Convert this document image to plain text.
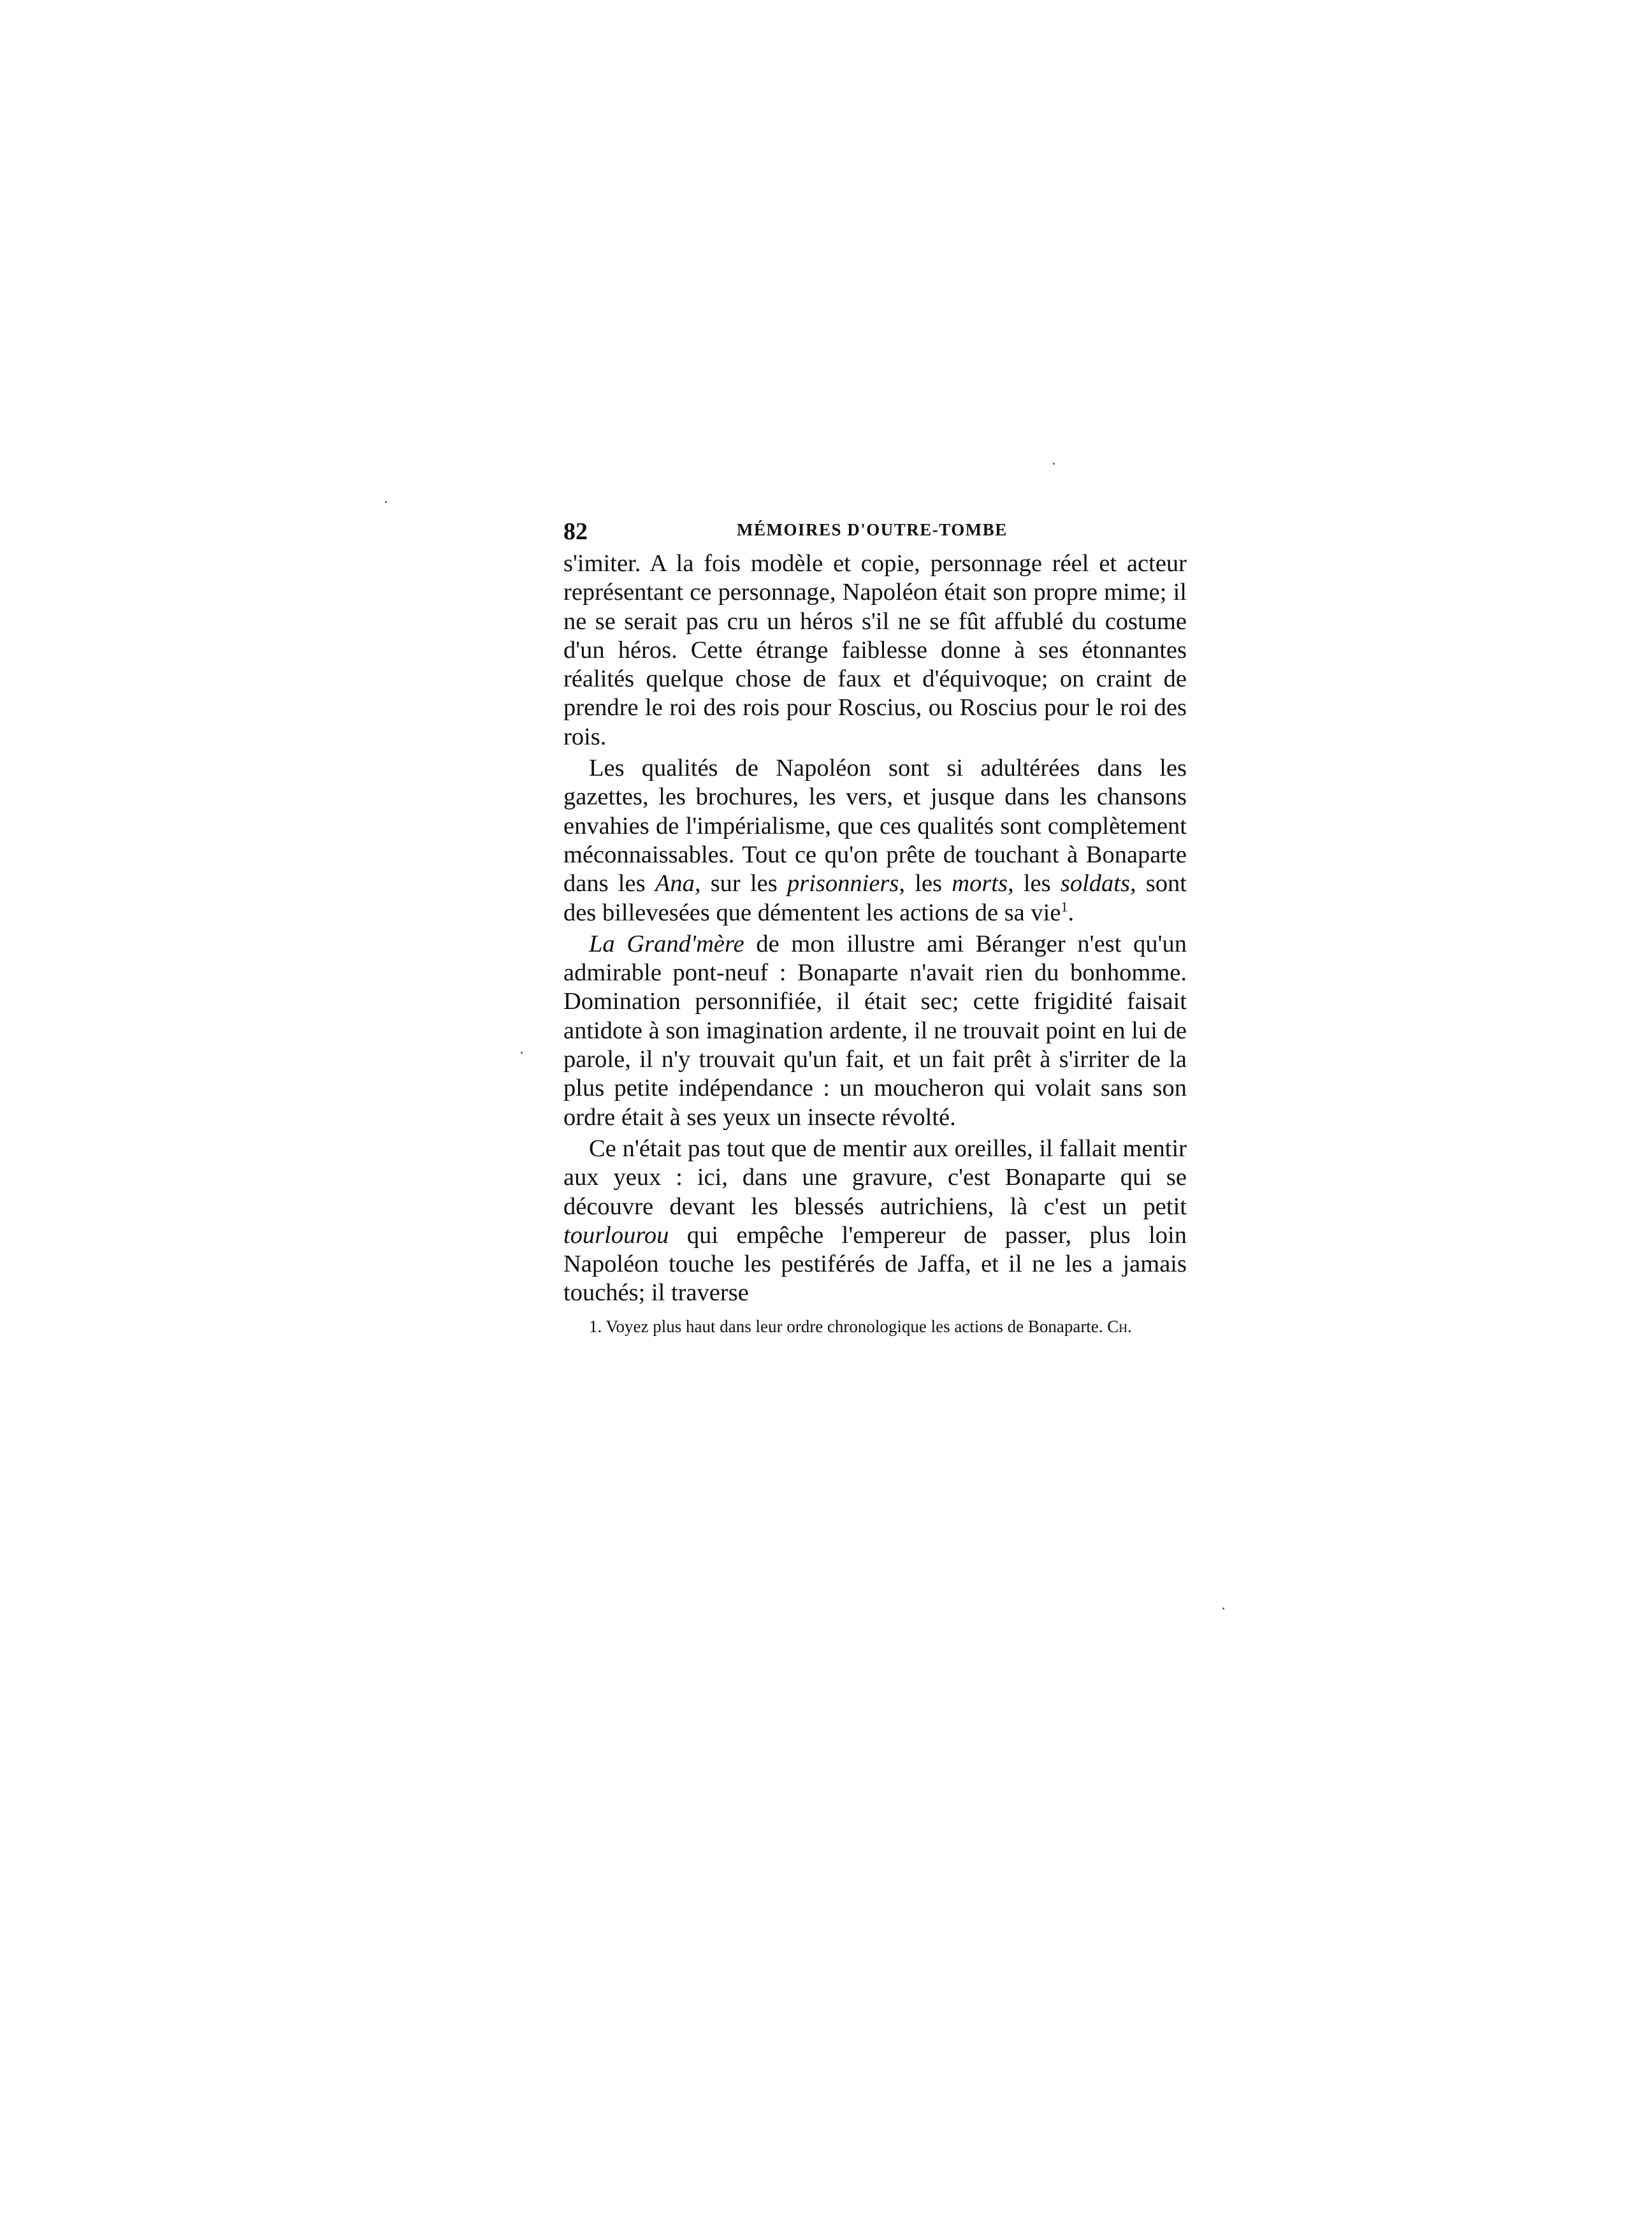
82	MÉMOIRES D'OUTRE-TOMBE

s'imiter. A la fois modèle et copie, personnage réel et acteur représentant ce personnage, Napoléon était son propre mime; il ne se serait pas cru un héros s'il ne se fût affublé du costume d'un héros. Cette étrange faiblesse donne à ses étonnantes réalités quelque chose de faux et d'équivoque; on craint de prendre le roi des rois pour Roscius, ou Roscius pour le roi des rois.

Les qualités de Napoléon sont si adultérées dans les gazettes, les brochures, les vers, et jusque dans les chansons envahies de l'impérialisme, que ces qualités sont complètement méconnaissables. Tout ce qu'on prête de touchant à Bonaparte dans les Ana, sur les prisonniers, les morts, les soldats, sont des billevesées que démentent les actions de sa vie$^1$.

La Grand'mère de mon illustre ami Béranger n'est qu'un admirable pont-neuf : Bonaparte n'avait rien du bonhomme. Domination personnifiée, il était sec; cette frigidité faisait antidote à son imagination ardente, il ne trouvait point en lui de parole, il n'y trouvait qu'un fait, et un fait prêt à s'irriter de la plus petite indépendance : un moucheron qui volait sans son ordre était à ses yeux un insecte révolté.

Ce n'était pas tout que de mentir aux oreilles, il fallait mentir aux yeux : ici, dans une gravure, c'est Bonaparte qui se découvre devant les blessés autrichiens, là c'est un petit tourlourou qui empêche l'empereur de passer, plus loin Napoléon touche les pestiférés de Jaffa, et il ne les a jamais touchés; il traverse

1. Voyez plus haut dans leur ordre chronologique les actions de Bonaparte. Ch.
